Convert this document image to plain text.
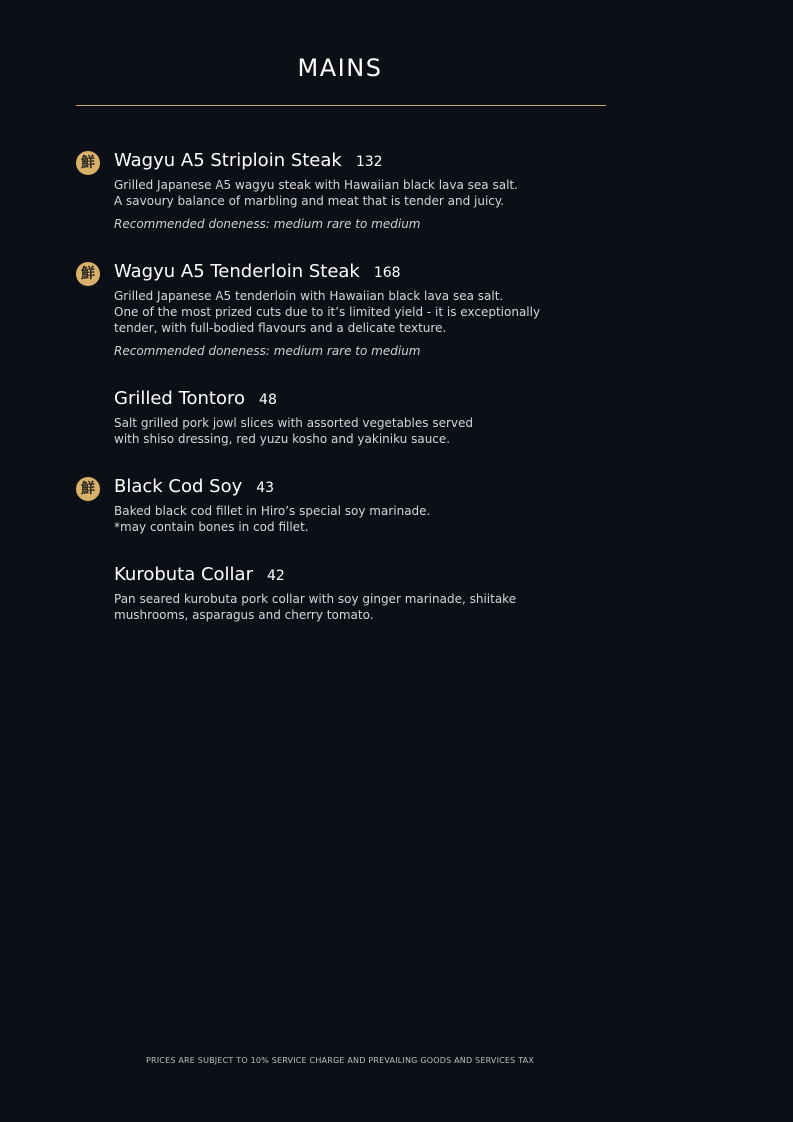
MAINS
鮮 Wagyu A5 Striploin Steak 132
Grilled Japanese A5 wagyu steak with Hawaiian black lava sea salt.
A savoury balance of marbling and meat that is tender and juicy.
Recommended doneness: medium rare to medium
鮮 Wagyu A5 Tenderloin Steak 168
Grilled Japanese A5 tenderloin with Hawaiian black lava sea salt.
One of the most prized cuts due to it’s limited yield - it is exceptionally
tender, with full-bodied flavours and a delicate texture.
Recommended doneness: medium rare to medium
Grilled Tontoro 48
Salt grilled pork jowl slices with assorted vegetables served
with shiso dressing, red yuzu kosho and yakiniku sauce.
鮮 Black Cod Soy 43
Baked black cod fillet in Hiro’s special soy marinade.
*may contain bones in cod fillet.
Kurobuta Collar 42
Pan seared kurobuta pork collar with soy ginger marinade, shiitake
mushrooms, asparagus and cherry tomato.
PRICES ARE SUBJECT TO 10% SERVICE CHARGE AND PREVAILING GOODS AND SERVICES TAX
